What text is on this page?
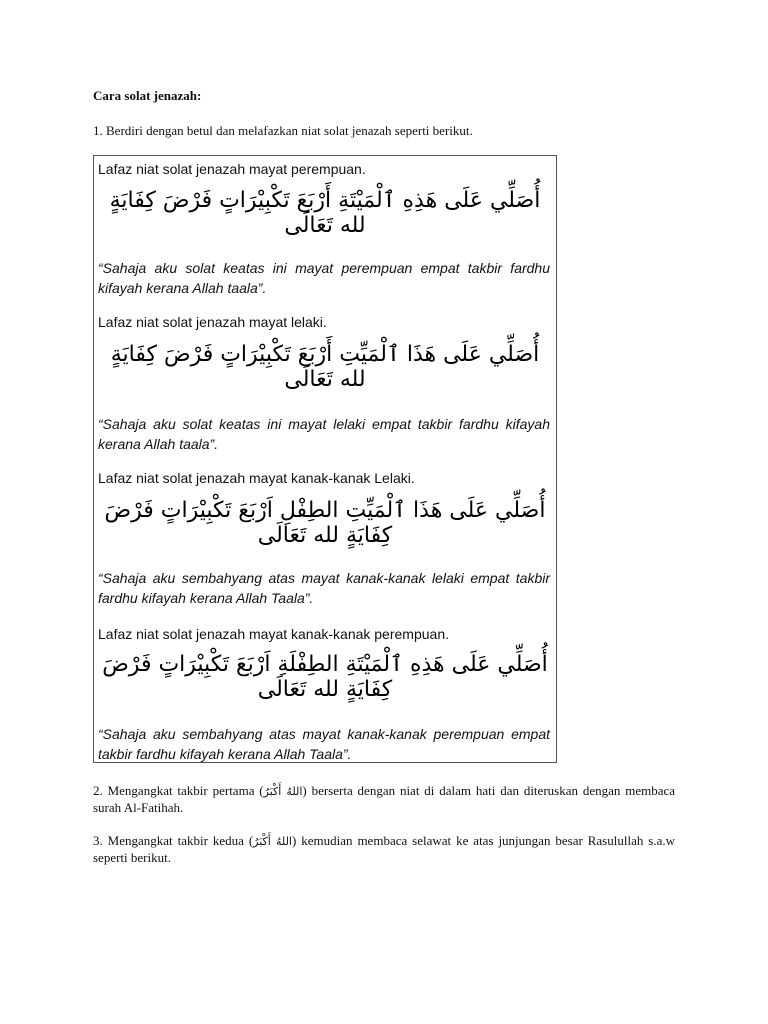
Cara solat jenazah:
1. Berdiri dengan betul dan melafazkan niat solat jenazah seperti berikut.
Lafaz niat solat jenazah mayat perempuan.
أُصَلِّي عَلَى هَذِهِ ٱلْمَيْتَةِ أَرْبَعَ تَكْبِيْرَاتٍ فَرْضَ كِفَايَةٍ لله تَعَالَى
“Sahaja aku solat keatas ini mayat perempuan empat takbir fardhu kifayah kerana Allah taala”.
Lafaz niat solat jenazah mayat lelaki.
أُصَلِّي عَلَى هَذَا ٱلْمَيِّتِ أَرْبَعَ تَكْبِيْرَاتٍ فَرْضَ كِفَايَةٍ لله تَعَالَى
“Sahaja aku solat keatas ini mayat lelaki empat takbir fardhu kifayah kerana Allah taala”.
Lafaz niat solat jenazah mayat kanak-kanak Lelaki.
أُصَلِّي عَلَى هَذَا ٱلْمَيِّتِ الطِفْلِ اَرْبَعَ تَكْبِيْرَاتٍ فَرْضَ كِفَايَةٍ لله تَعَالَى
“Sahaja aku sembahyang atas mayat kanak-kanak lelaki empat takbir fardhu kifayah kerana Allah Taala”.
Lafaz niat solat jenazah mayat kanak-kanak perempuan.
أُصَلِّي عَلَى هَذِهِ ٱلْمَيْتَةِ الطِفْلَةِ اَرْبَعَ تَكْبِيْرَاتٍ فَرْضَ كِفَايَةٍ لله تَعَالَى
“Sahaja aku sembahyang atas mayat kanak-kanak perempuan empat takbir fardhu kifayah kerana Allah Taala”.
2. Mengangkat takbir pertama (اللهُ أَكْبَرُ) berserta dengan niat di dalam hati dan diteruskan dengan membaca surah Al-Fatihah.
3. Mengangkat takbir kedua (اللهُ أَكْبَرُ) kemudian membaca selawat ke atas junjungan besar Rasulullah s.a.w seperti berikut.
